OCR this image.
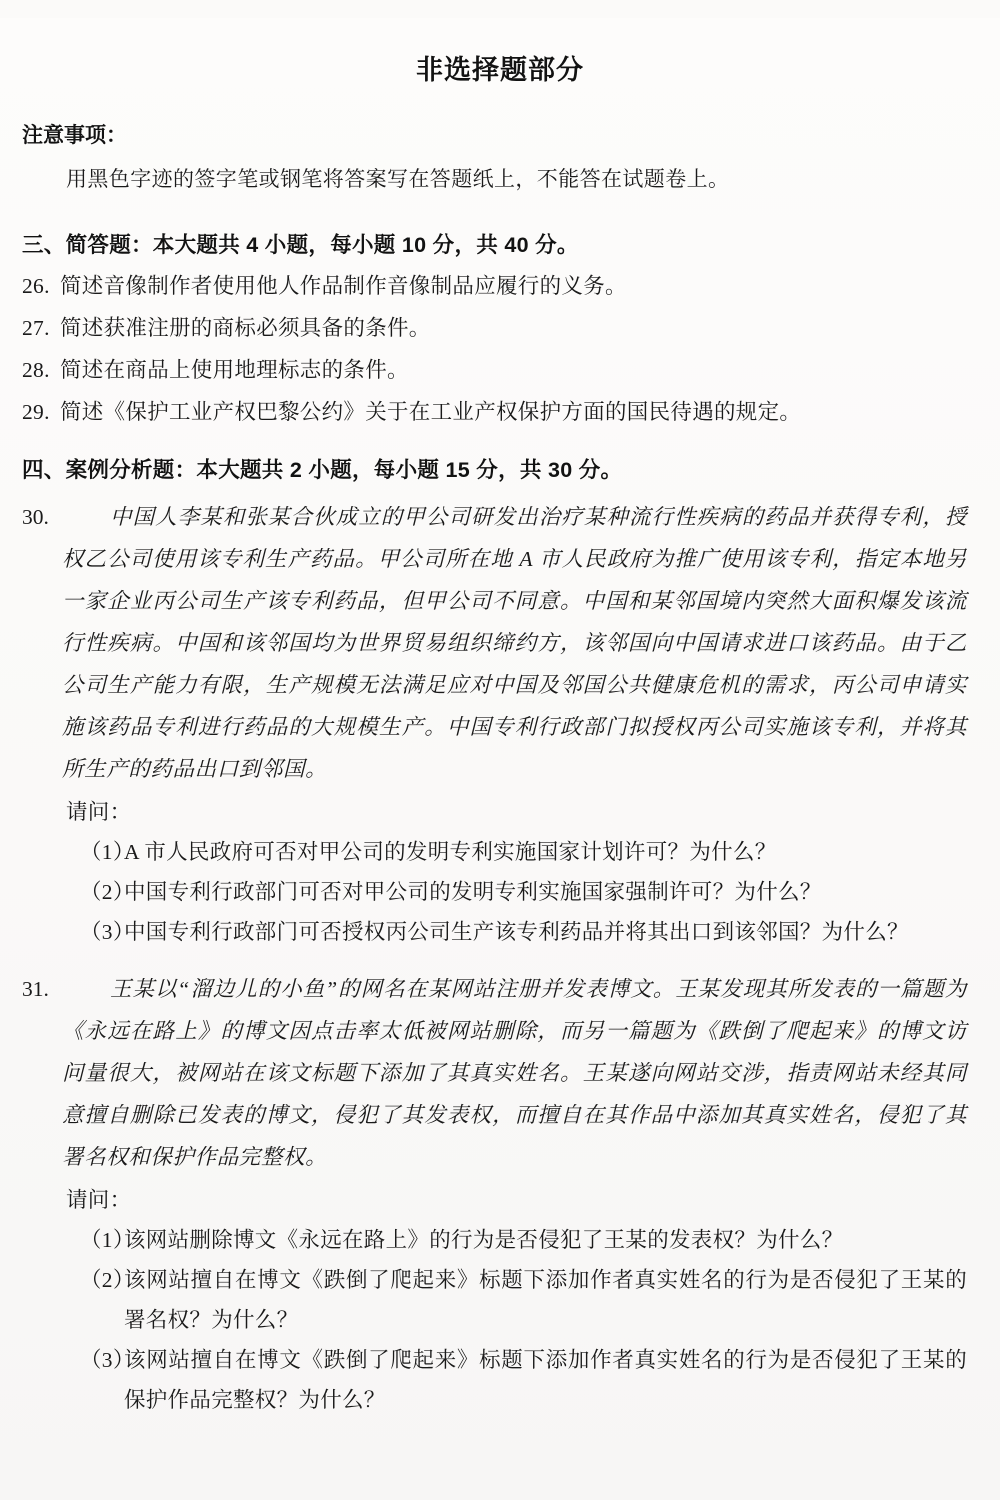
非选择题部分
注意事项：
用黑色字迹的签字笔或钢笔将答案写在答题纸上，不能答在试题卷上。
三、简答题：本大题共 4 小题，每小题 10 分，共 40 分。
26. 简述音像制作者使用他人作品制作音像制品应履行的义务。
27. 简述获准注册的商标必须具备的条件。
28. 简述在商品上使用地理标志的条件。
29. 简述《保护工业产权巴黎公约》关于在工业产权保护方面的国民待遇的规定。
四、案例分析题：本大题共 2 小题，每小题 15 分，共 30 分。
30.	中国人李某和张某合伙成立的甲公司研发出治疗某种流行性疾病的药品并获得专利，授权乙公司使用该专利生产药品。甲公司所在地 A 市人民政府为推广使用该专利，指定本地另一家企业丙公司生产该专利药品，但甲公司不同意。中国和某邻国境内突然大面积爆发该流行性疾病。中国和该邻国均为世界贸易组织缔约方，该邻国向中国请求进口该药品。由于乙公司生产能力有限，生产规模无法满足应对中国及邻国公共健康危机的需求，丙公司申请实施该药品专利进行药品的大规模生产。中国专利行政部门拟授权丙公司实施该专利，并将其所生产的药品出口到邻国。

请问：
（1）
A 市人民政府可否对甲公司的发明专利实施国家计划许可？为什么？
（2）
中国专利行政部门可否对甲公司的发明专利实施国家强制许可？为什么？
（3）
中国专利行政部门可否授权丙公司生产该专利药品并将其出口到该邻国？为什么？
31.	王某以“溜边儿的小鱼”的网名在某网站注册并发表博文。王某发现其所发表的一篇题为《永远在路上》的博文因点击率太低被网站删除，而另一篇题为《跌倒了爬起来》的博文访问量很大，被网站在该文标题下添加了其真实姓名。王某遂向网站交涉，指责网站未经其同意擅自删除已发表的博文，侵犯了其发表权，而擅自在其作品中添加其真实姓名，侵犯了其署名权和保护作品完整权。

请问：
（1）
该网站删除博文《永远在路上》的行为是否侵犯了王某的发表权？为什么？
（2）
该网站擅自在博文《跌倒了爬起来》标题下添加作者真实姓名的行为是否侵犯了王某的署名权？为什么？
（3）
该网站擅自在博文《跌倒了爬起来》标题下添加作者真实姓名的行为是否侵犯了王某的保护作品完整权？为什么？
